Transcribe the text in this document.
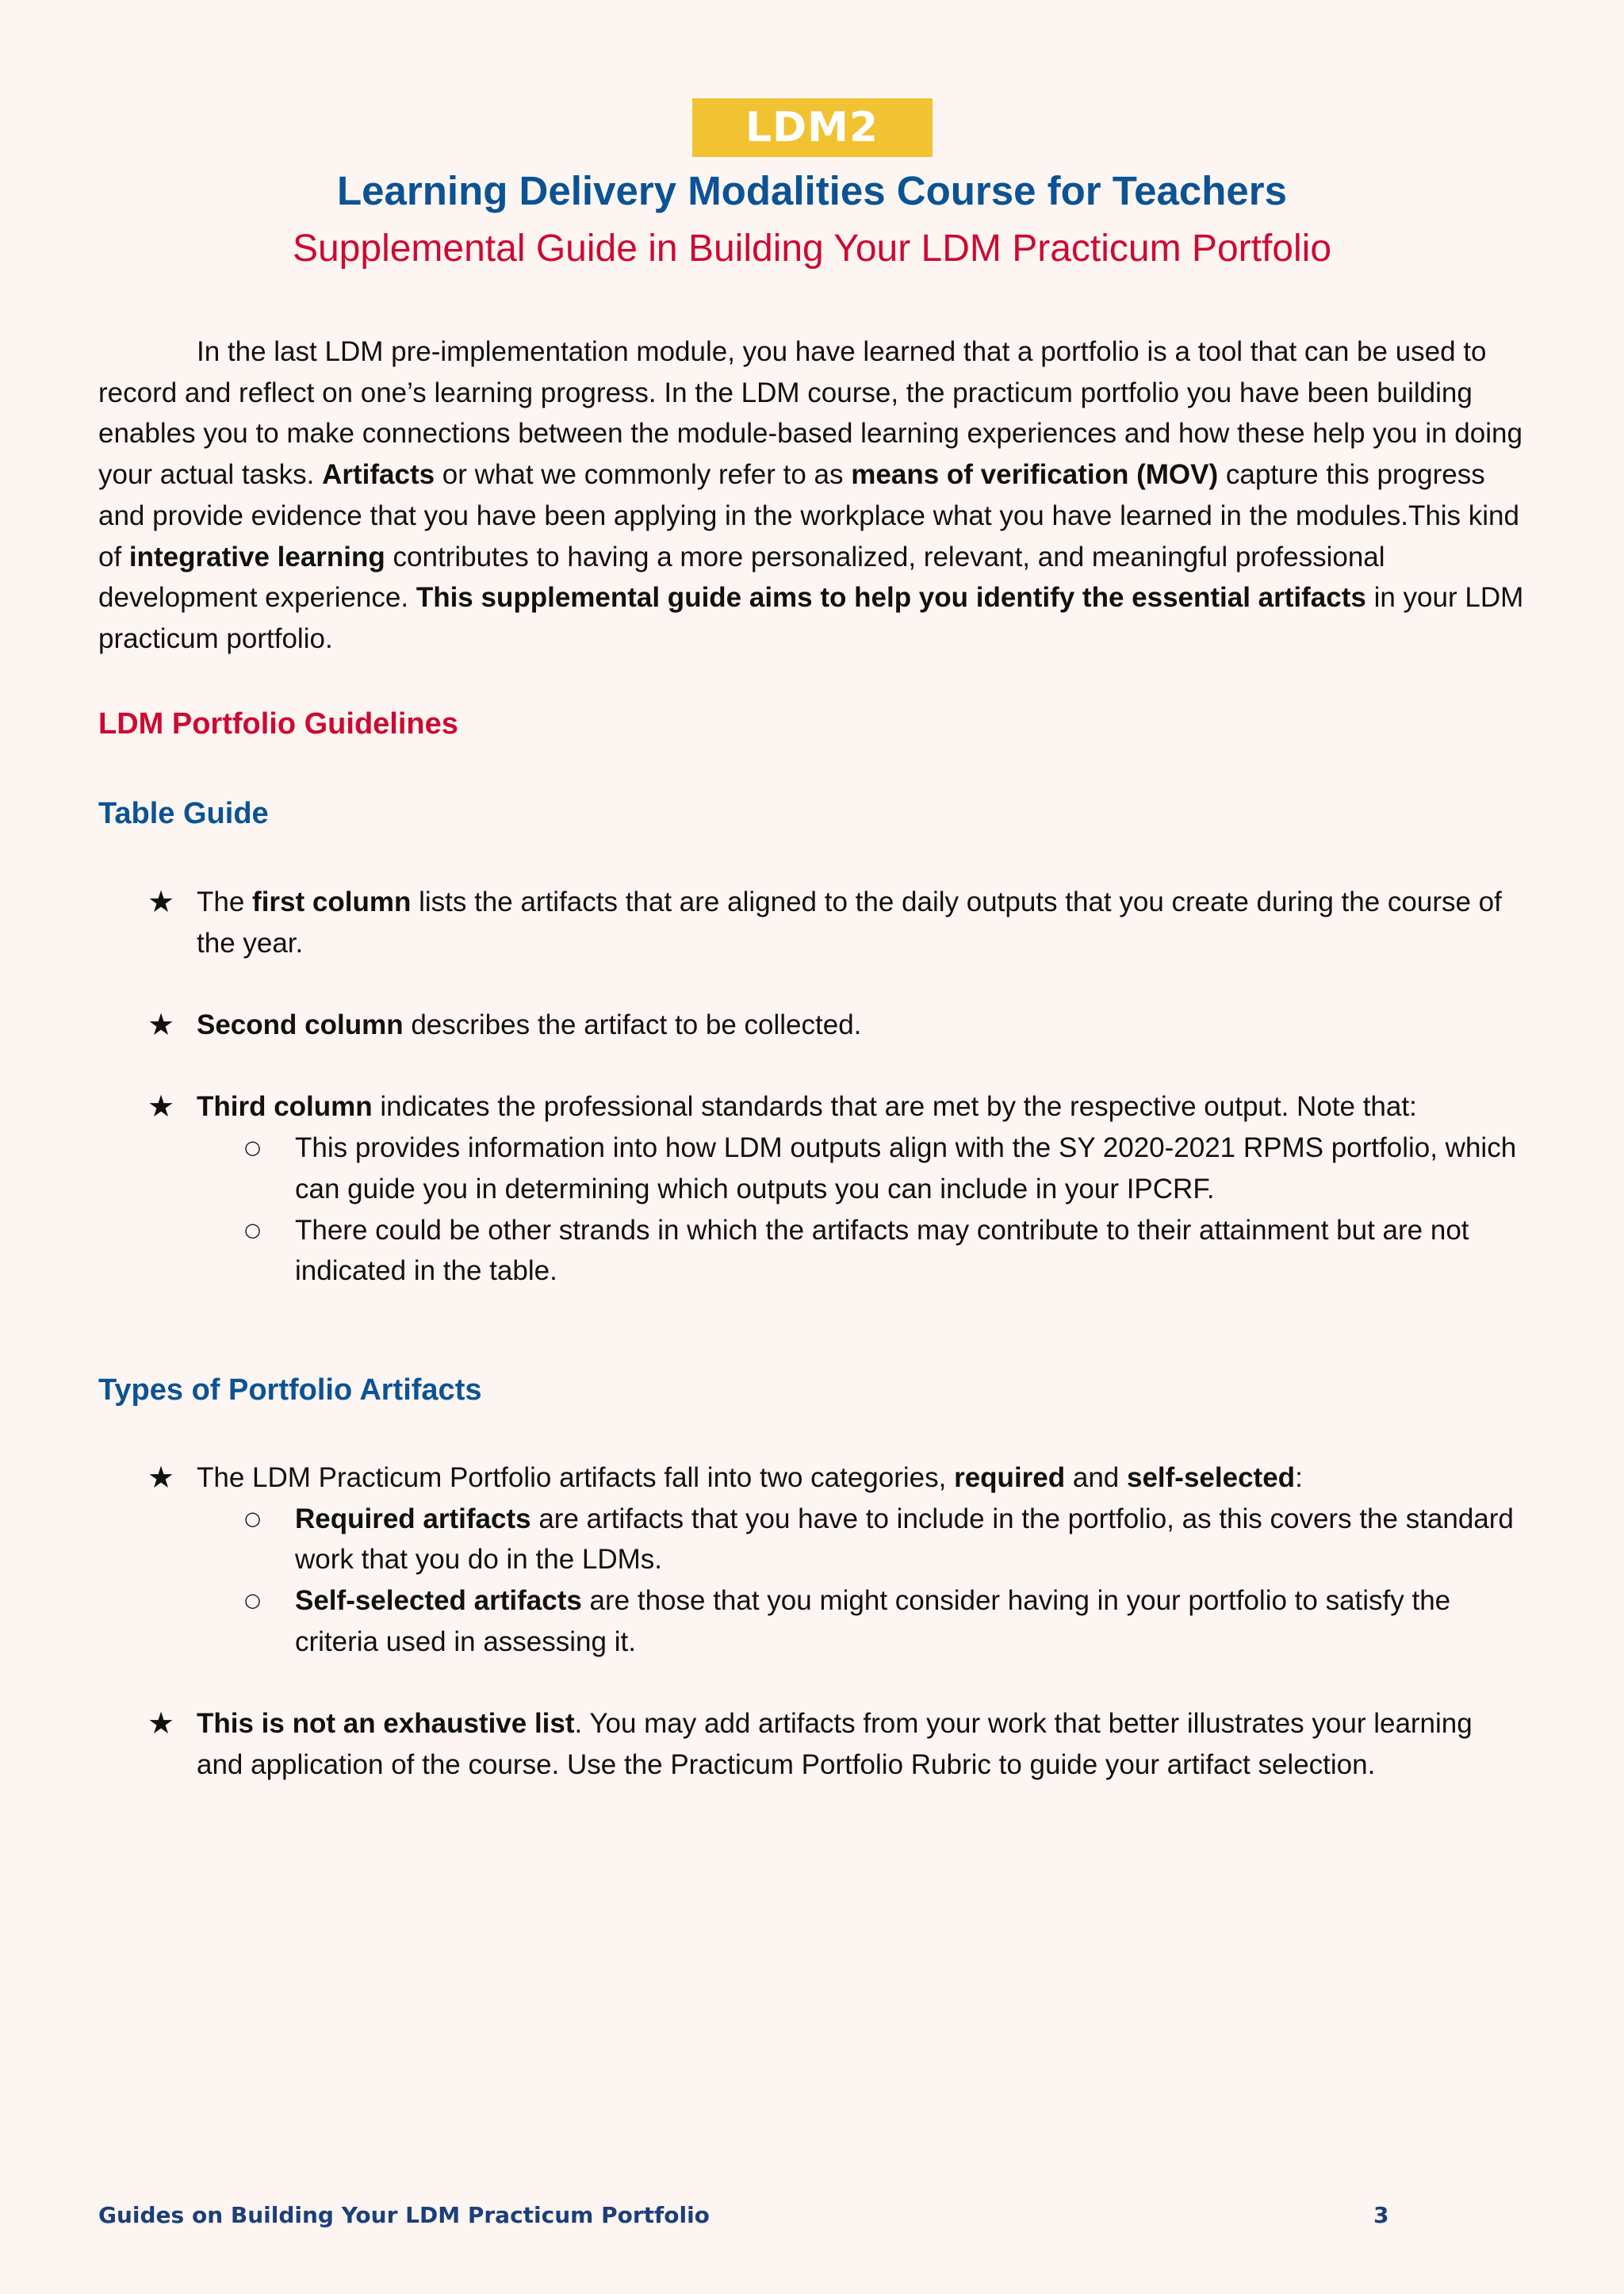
LDM2
Learning Delivery Modalities Course for Teachers
Supplemental Guide in Building Your LDM Practicum Portfolio

In the last LDM pre-implementation module, you have learned that a portfolio is a tool that can be used to record and reflect on one’s learning progress. In the LDM course, the practicum portfolio you have been building enables you to make connections between the module-based learning experiences and how these help you in doing your actual tasks. Artifacts or what we commonly refer to as means of verification (MOV) capture this progress and provide evidence that you have been applying in the workplace what you have learned in the modules.This kind of integrative learning contributes to having a more personalized, relevant, and meaningful professional development experience. This supplemental guide aims to help you identify the essential artifacts in your LDM practicum portfolio.

LDM Portfolio Guidelines
Table Guide
★ The first column lists the artifacts that are aligned to the daily outputs that you create during the course of the year.
★ Second column describes the artifact to be collected.
★ Third column indicates the professional standards that are met by the respective output. Note that:
○ This provides information into how LDM outputs align with the SY 2020-2021 RPMS portfolio, which can guide you in determining which outputs you can include in your IPCRF.
○ There could be other strands in which the artifacts may contribute to their attainment but are not indicated in the table.
Types of Portfolio Artifacts
★ The LDM Practicum Portfolio artifacts fall into two categories, required and self-selected:
○ Required artifacts are artifacts that you have to include in the portfolio, as this covers the standard work that you do in the LDMs.
○ Self-selected artifacts are those that you might consider having in your portfolio to satisfy the criteria used in assessing it.
★ This is not an exhaustive list. You may add artifacts from your work that better illustrates your learning and application of the course. Use the Practicum Portfolio Rubric to guide your artifact selection.
Guides on Building Your LDM Practicum Portfolio	3
